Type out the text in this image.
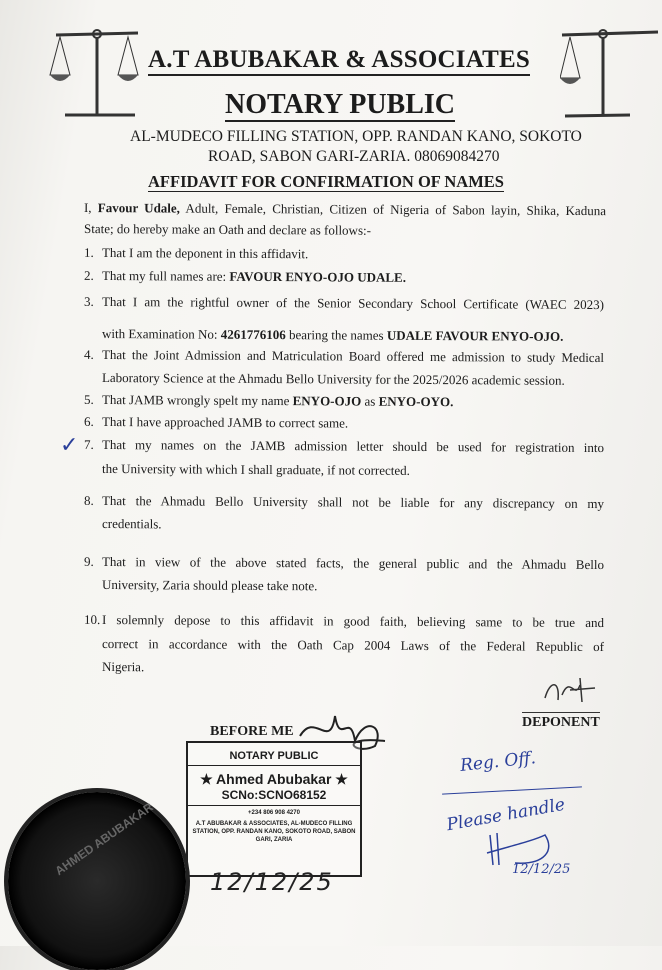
A.T ABUBAKAR & ASSOCIATES
NOTARY PUBLIC
AL-MUDECO FILLING STATION, OPP. RANDAN KANO, SOKOTO
ROAD, SABON GARI-ZARIA. 08069084270
AFFIDAVIT FOR CONFIRMATION OF NAMES
I, Favour Udale, Adult, Female, Christian, Citizen of Nigeria of Sabon layin, Shika, Kaduna
State; do hereby make an Oath and declare as follows:-
1. That I am the deponent in this affidavit.
2. That my full names are: FAVOUR ENYO-OJO UDALE.
3. That I am the rightful owner of the Senior Secondary School Certificate (WAEC 2023)
with Examination No: 4261776106 bearing the names UDALE FAVOUR ENYO-OJO.
4. That the Joint Admission and Matriculation Board offered me admission to study Medical
Laboratory Science at the Ahmadu Bello University for the 2025/2026 academic session.
5. That JAMB wrongly spelt my name ENYO-OJO as ENYO-OYO.
6. That I have approached JAMB to correct same.
7. That my names on the JAMB admission letter should be used for registration into
the University with which I shall graduate, if not corrected.
8. That the Ahmadu Bello University shall not be liable for any discrepancy on my
credentials.
9. That in view of the above stated facts, the general public and the Ahmadu Bello
University, Zaria should please take note.
10. I solemnly depose to this affidavit in good faith, believing same to be true and
correct in accordance with the Oath Cap 2004 Laws of the Federal Republic of
Nigeria.
✓
BEFORE ME
DEPONENT
NOTARY PUBLIC
★ Ahmed Abubakar ★
SCNo:SCNO68152
+234 806 908 4270
A.T ABUBAKAR & ASSOCIATES, AL-MUDECO FILLING STATION, OPP. RANDAN KANO, SOKOTO ROAD, SABON GARI, ZARIA
12/12/25
AHMED ABUBAKAR
Reg. Off.
Please handle
12/12/25
